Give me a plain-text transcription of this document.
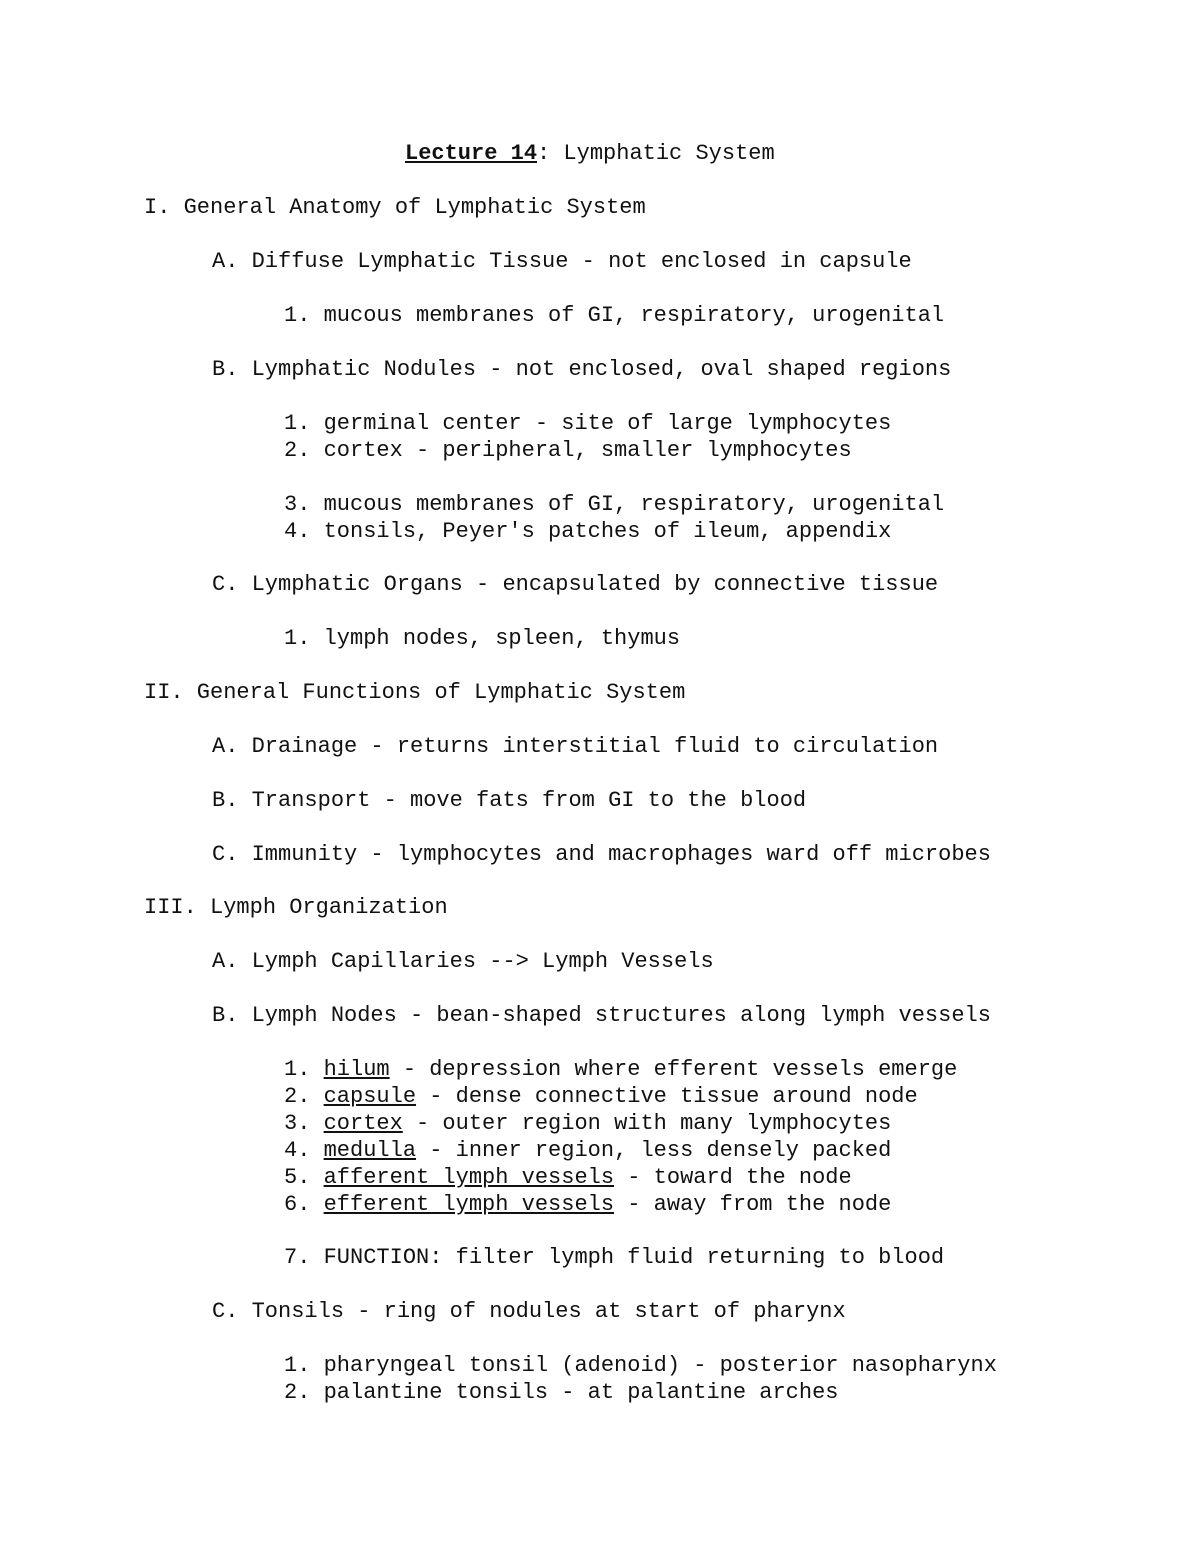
Lecture 14: Lymphatic System
I. General Anatomy of Lymphatic System
A. Diffuse Lymphatic Tissue - not enclosed in capsule
1. mucous membranes of GI, respiratory, urogenital
B. Lymphatic Nodules - not enclosed, oval shaped regions
1. germinal center - site of large lymphocytes
2. cortex - peripheral, smaller lymphocytes
3. mucous membranes of GI, respiratory, urogenital
4. tonsils, Peyer's patches of ileum, appendix
C. Lymphatic Organs - encapsulated by connective tissue
1. lymph nodes, spleen, thymus
II. General Functions of Lymphatic System
A. Drainage - returns interstitial fluid to circulation
B. Transport - move fats from GI to the blood
C. Immunity - lymphocytes and macrophages ward off microbes
III. Lymph Organization
A. Lymph Capillaries --> Lymph Vessels
B. Lymph Nodes - bean-shaped structures along lymph vessels
1. hilum - depression where efferent vessels emerge
2. capsule - dense connective tissue around node
3. cortex - outer region with many lymphocytes
4. medulla - inner region, less densely packed
5. afferent lymph vessels - toward the node
6. efferent lymph vessels - away from the node
7. FUNCTION: filter lymph fluid returning to blood
C. Tonsils - ring of nodules at start of pharynx
1. pharyngeal tonsil (adenoid) - posterior nasopharynx
2. palantine tonsils - at palantine arches
